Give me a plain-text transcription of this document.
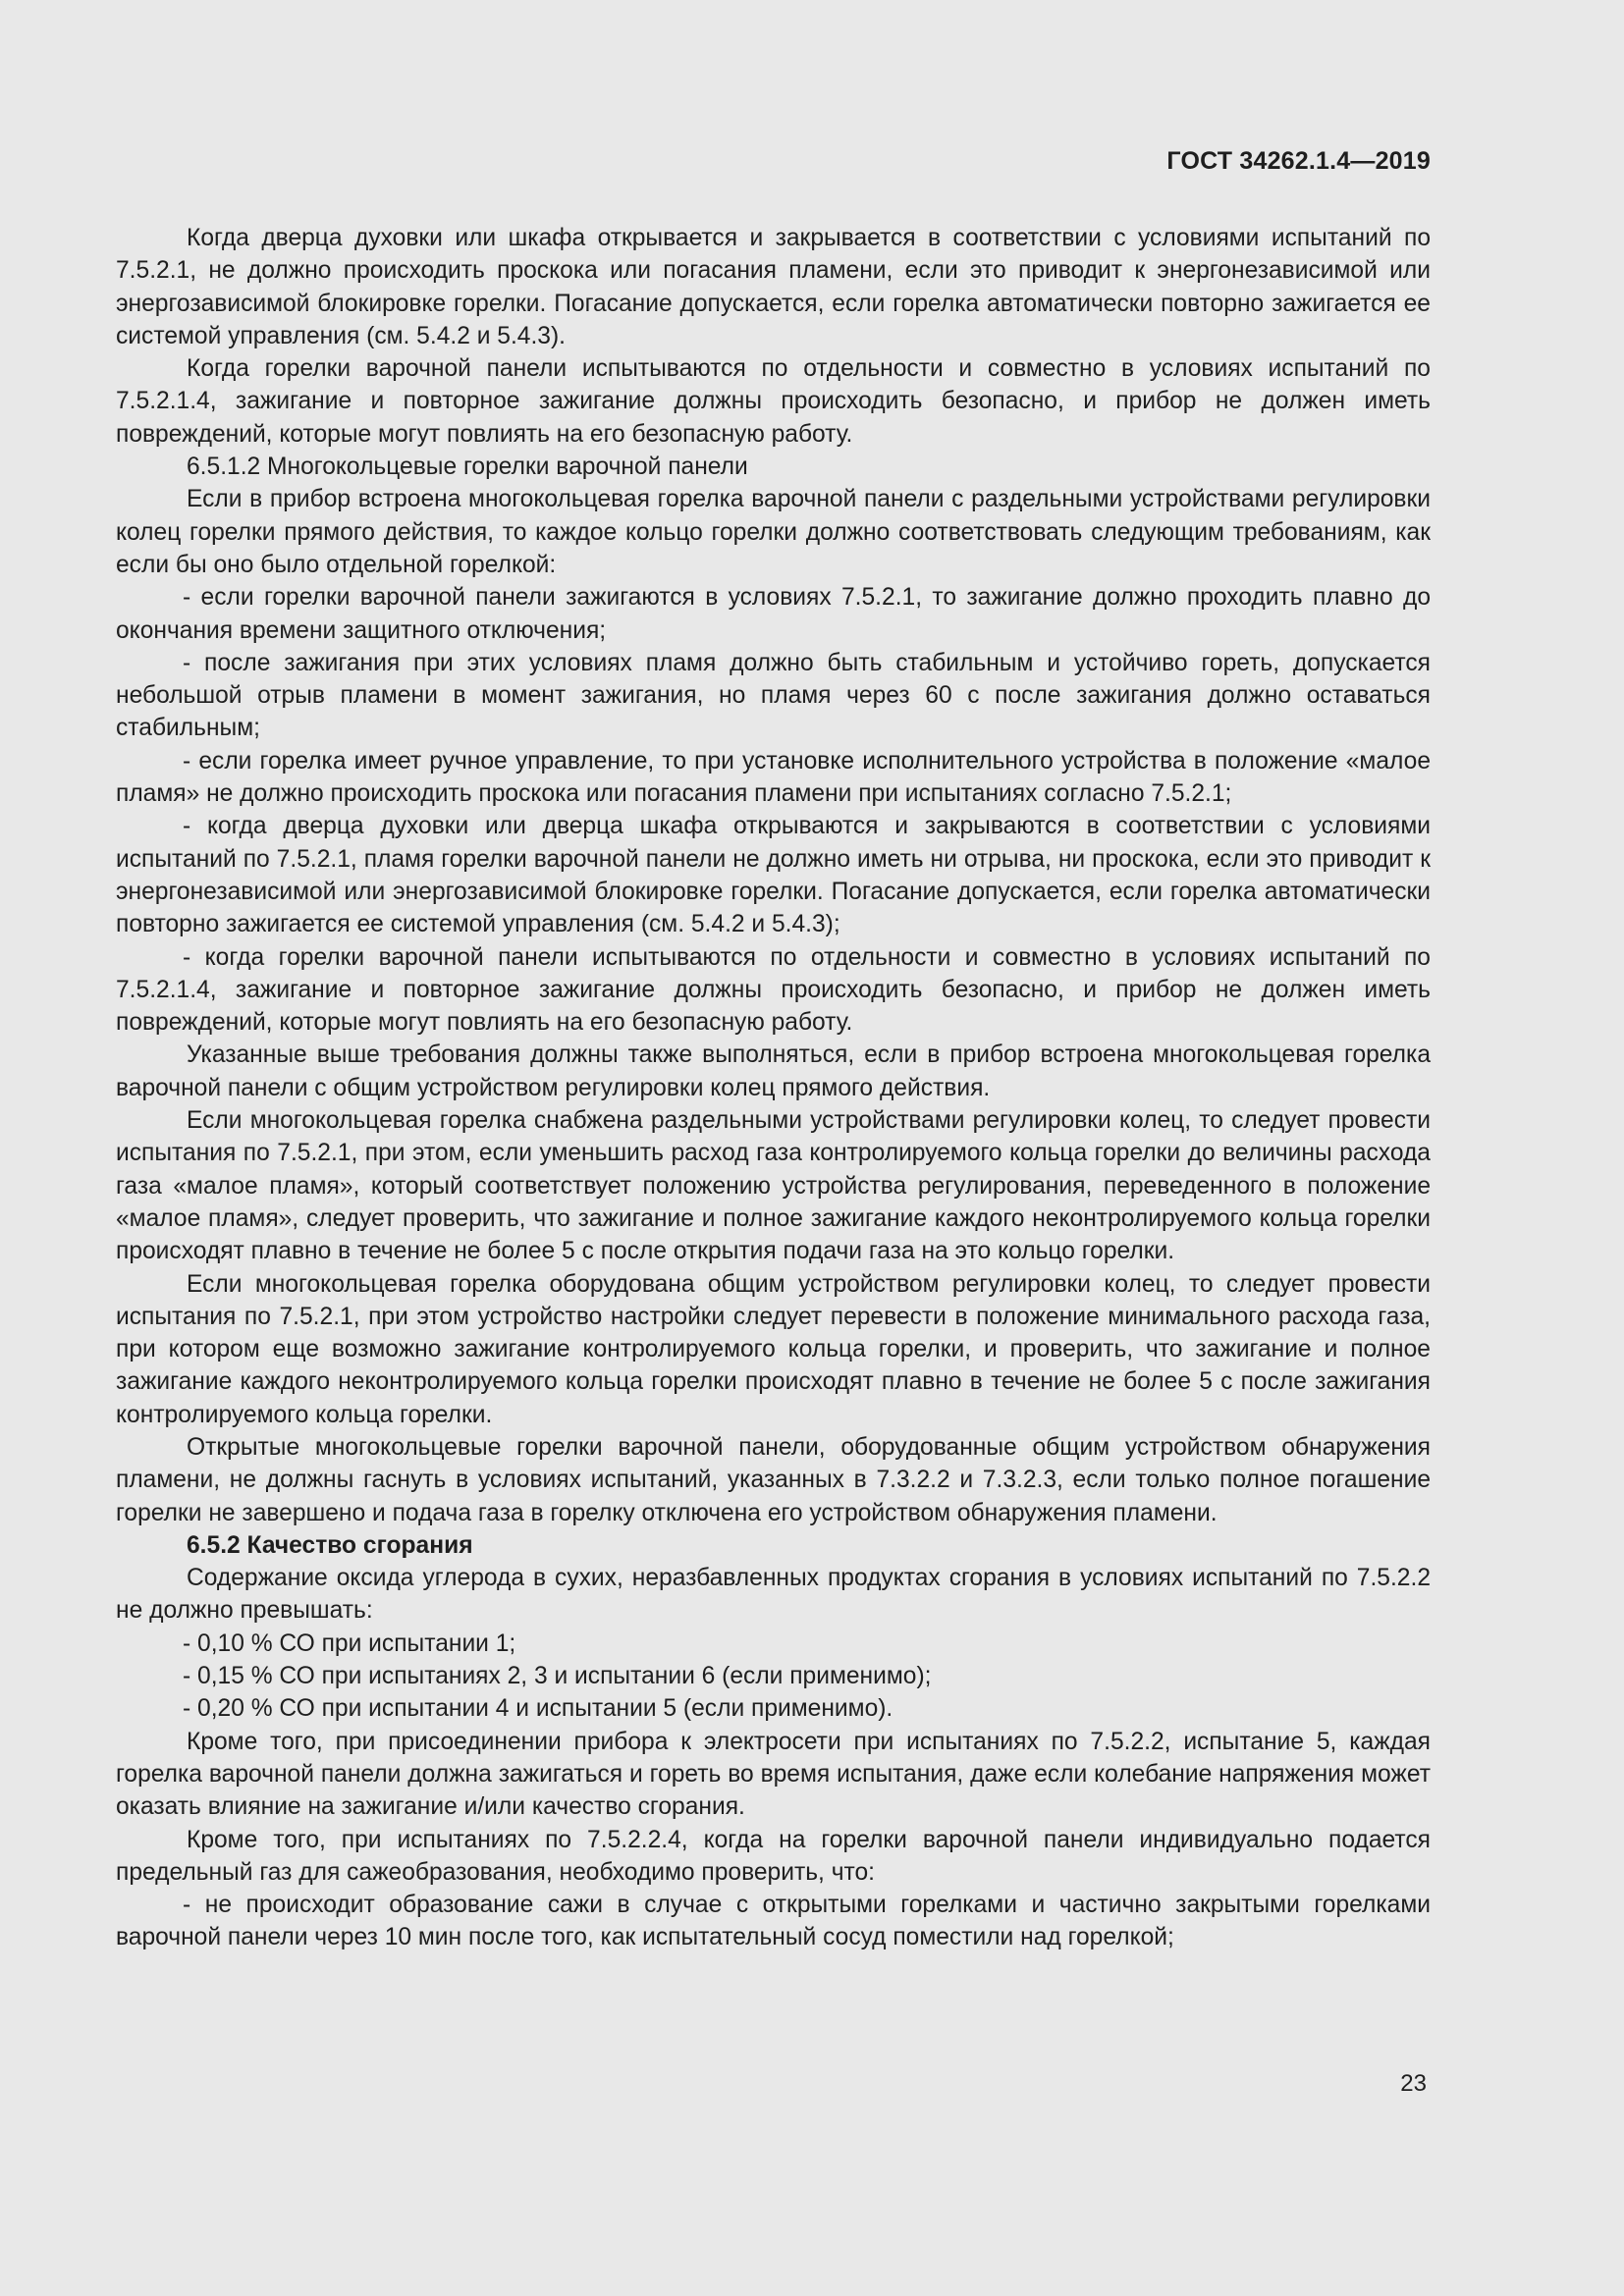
ГОСТ 34262.1.4—2019

Когда дверца духовки или шкафа открывается и закрывается в соответствии с условиями испытаний по 7.5.2.1, не должно происходить проскока или погасания пламени, если это приводит к энергонезависимой или энергозависимой блокировке горелки. Погасание допускается, если горелка автоматически повторно зажигается ее системой управления (см. 5.4.2 и 5.4.3).

Когда горелки варочной панели испытываются по отдельности и совместно в условиях испытаний по 7.5.2.1.4, зажигание и повторное зажигание должны происходить безопасно, и прибор не должен иметь повреждений, которые могут повлиять на его безопасную работу.

6.5.1.2 Многокольцевые горелки варочной панели

Если в прибор встроена многокольцевая горелка варочной панели с раздельными устройствами регулировки колец горелки прямого действия, то каждое кольцо горелки должно соответствовать следующим требованиям, как если бы оно было отдельной горелкой:

- если горелки варочной панели зажигаются в условиях 7.5.2.1, то зажигание должно проходить плавно до окончания времени защитного отключения;

- после зажигания при этих условиях пламя должно быть стабильным и устойчиво гореть, допускается небольшой отрыв пламени в момент зажигания, но пламя через 60 с после зажигания должно оставаться стабильным;

- если горелка имеет ручное управление, то при установке исполнительного устройства в положение «малое пламя» не должно происходить проскока или погасания пламени при испытаниях согласно 7.5.2.1;

- когда дверца духовки или дверца шкафа открываются и закрываются в соответствии с условиями испытаний по 7.5.2.1, пламя горелки варочной панели не должно иметь ни отрыва, ни проскока, если это приводит к энергонезависимой или энергозависимой блокировке горелки. Погасание допускается, если горелка автоматически повторно зажигается ее системой управления (см. 5.4.2 и 5.4.3);

- когда горелки варочной панели испытываются по отдельности и совместно в условиях испытаний по 7.5.2.1.4, зажигание и повторное зажигание должны происходить безопасно, и прибор не должен иметь повреждений, которые могут повлиять на его безопасную работу.

Указанные выше требования должны также выполняться, если в прибор встроена многокольцевая горелка варочной панели с общим устройством регулировки колец прямого действия.

Если многокольцевая горелка снабжена раздельными устройствами регулировки колец, то следует провести испытания по 7.5.2.1, при этом, если уменьшить расход газа контролируемого кольца горелки до величины расхода газа «малое пламя», который соответствует положению устройства регулирования, переведенного в положение «малое пламя», следует проверить, что зажигание и полное зажигание каждого неконтролируемого кольца горелки происходят плавно в течение не более 5 с после открытия подачи газа на это кольцо горелки.

Если многокольцевая горелка оборудована общим устройством регулировки колец, то следует провести испытания по 7.5.2.1, при этом устройство настройки следует перевести в положение минимального расхода газа, при котором еще возможно зажигание контролируемого кольца горелки, и проверить, что зажигание и полное зажигание каждого неконтролируемого кольца горелки происходят плавно в течение не более 5 с после зажигания контролируемого кольца горелки.

Открытые многокольцевые горелки варочной панели, оборудованные общим устройством обнаружения пламени, не должны гаснуть в условиях испытаний, указанных в 7.3.2.2 и 7.3.2.3, если только полное погашение горелки не завершено и подача газа в горелку отключена его устройством обнаружения пламени.

6.5.2 Качество сгорания

Содержание оксида углерода в сухих, неразбавленных продуктах сгорания в условиях испытаний по 7.5.2.2 не должно превышать:

- 0,10 % СО при испытании 1;

- 0,15 % СО при испытаниях 2, 3 и испытании 6 (если применимо);

- 0,20 % СО при испытании 4 и испытании 5 (если применимо).

Кроме того, при присоединении прибора к электросети при испытаниях по 7.5.2.2, испытание 5, каждая горелка варочной панели должна зажигаться и гореть во время испытания, даже если колебание напряжения может оказать влияние на зажигание и/или качество сгорания.

Кроме того, при испытаниях по 7.5.2.2.4, когда на горелки варочной панели индивидуально подается предельный газ для сажеобразования, необходимо проверить, что:

- не происходит образование сажи в случае с открытыми горелками и частично закрытыми горелками варочной панели через 10 мин после того, как испытательный сосуд поместили над горелкой;

23
